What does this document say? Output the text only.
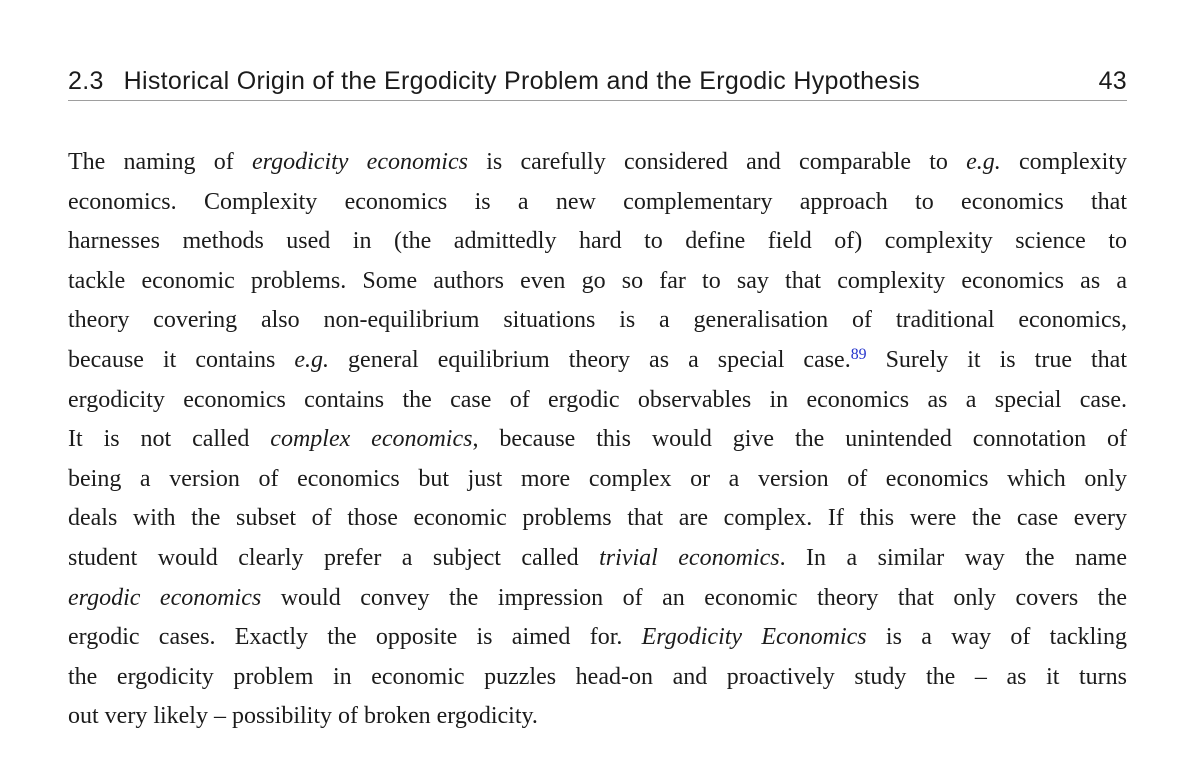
2.3 Historical Origin of the Ergodicity Problem and the Ergodic Hypothesis	43
The naming of ergodicity economics is carefully considered and comparable to e.g. complexity
economics. Complexity economics is a new complementary approach to economics that
harnesses methods used in (the admittedly hard to define field of) complexity science to
tackle economic problems. Some authors even go so far to say that complexity economics as a
theory covering also non-equilibrium situations is a generalisation of traditional economics,
because it contains e.g. general equilibrium theory as a special case.$^{89}$ Surely it is true that
ergodicity economics contains the case of ergodic observables in economics as a special case.
It is not called complex economics, because this would give the unintended connotation of
being a version of economics but just more complex or a version of economics which only
deals with the subset of those economic problems that are complex. If this were the case every
student would clearly prefer a subject called trivial economics. In a similar way the name
ergodic economics would convey the impression of an economic theory that only covers the
ergodic cases. Exactly the opposite is aimed for. Ergodicity Economics is a way of tackling
the ergodicity problem in economic puzzles head-on and proactively study the – as it turns
out very likely – possibility of broken ergodicity.
